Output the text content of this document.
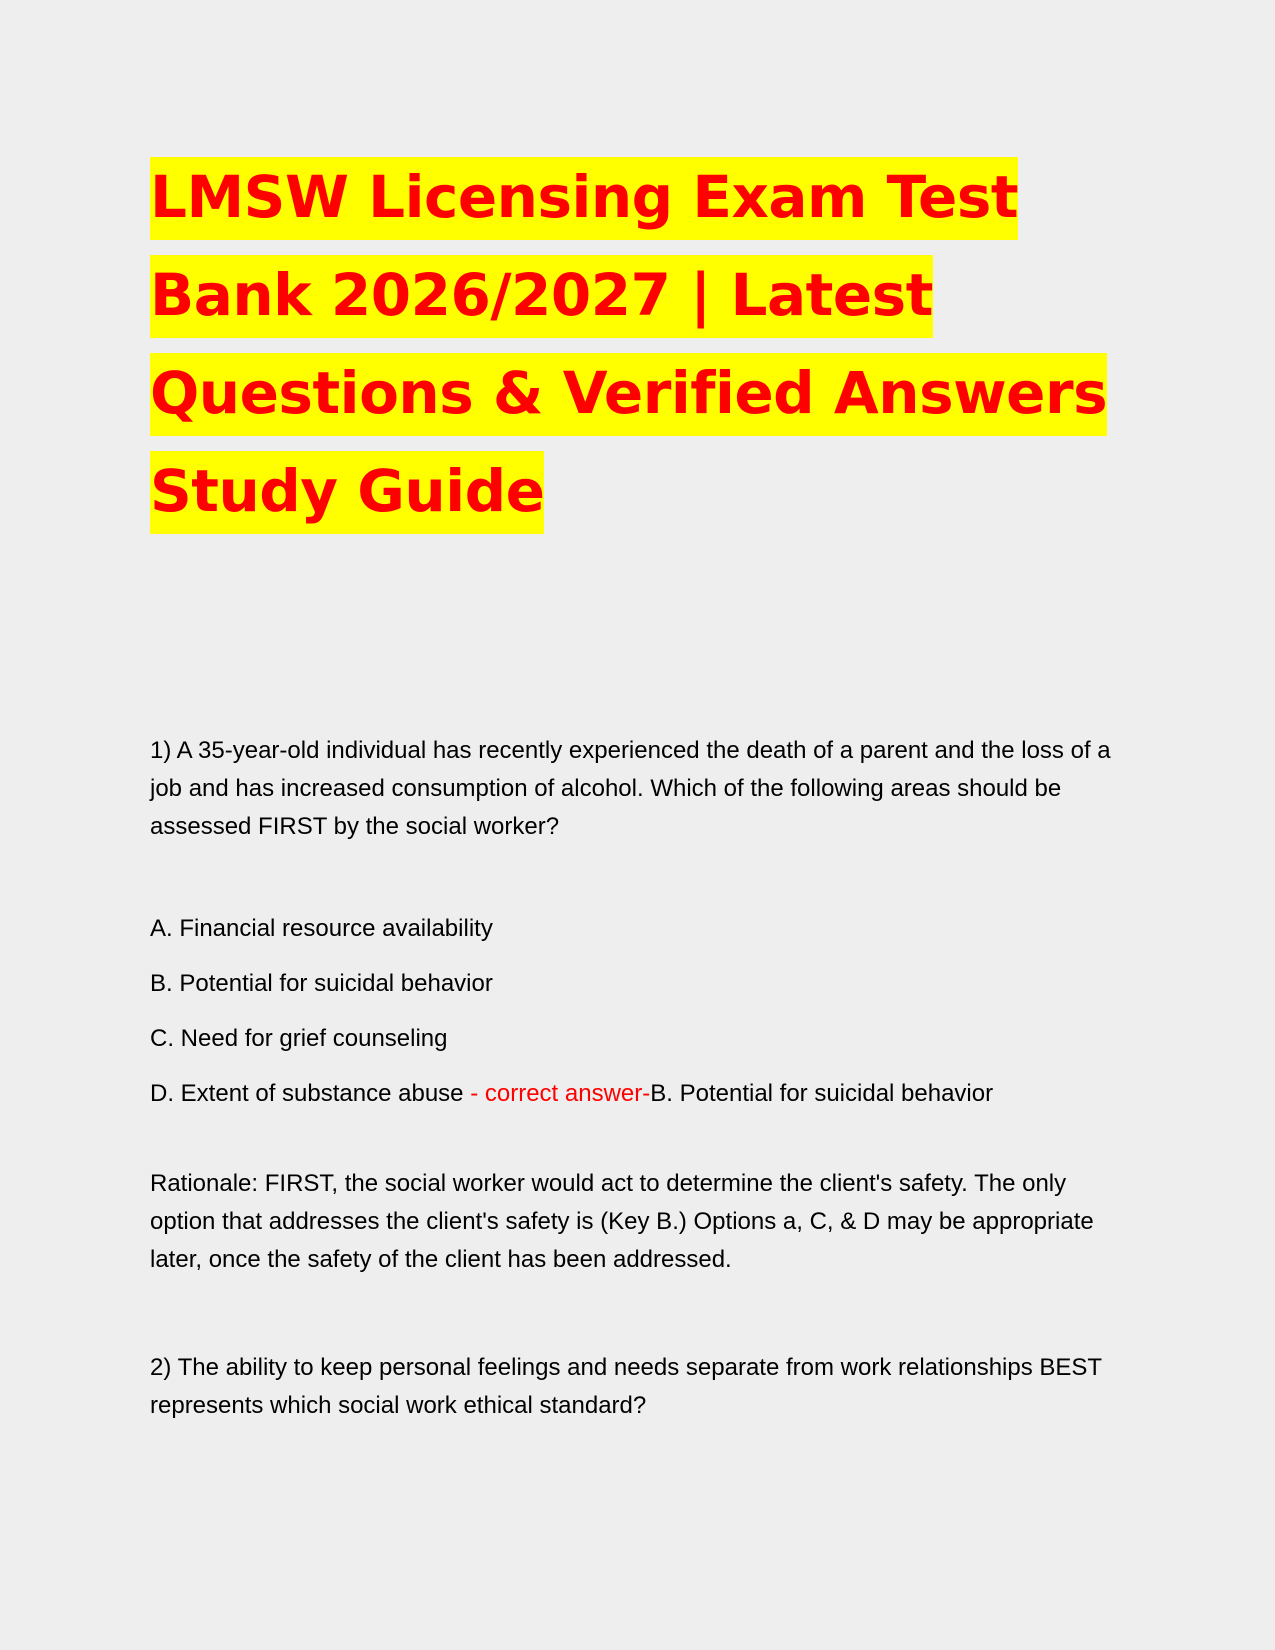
LMSW Licensing Exam Test Bank 2026/2027 | Latest Questions & Verified Answers Study Guide

1) A 35-year-old individual has recently experienced the death of a parent and the loss of a job and has increased consumption of alcohol. Which of the following areas should be assessed FIRST by the social worker?

A. Financial resource availability

B. Potential for suicidal behavior

C. Need for grief counseling

D. Extent of substance abuse - correct answer-B. Potential for suicidal behavior

Rationale: FIRST, the social worker would act to determine the client's safety. The only option that addresses the client's safety is (Key B.) Options a, C, & D may be appropriate later, once the safety of the client has been addressed.

2) The ability to keep personal feelings and needs separate from work relationships BEST represents which social work ethical standard?
